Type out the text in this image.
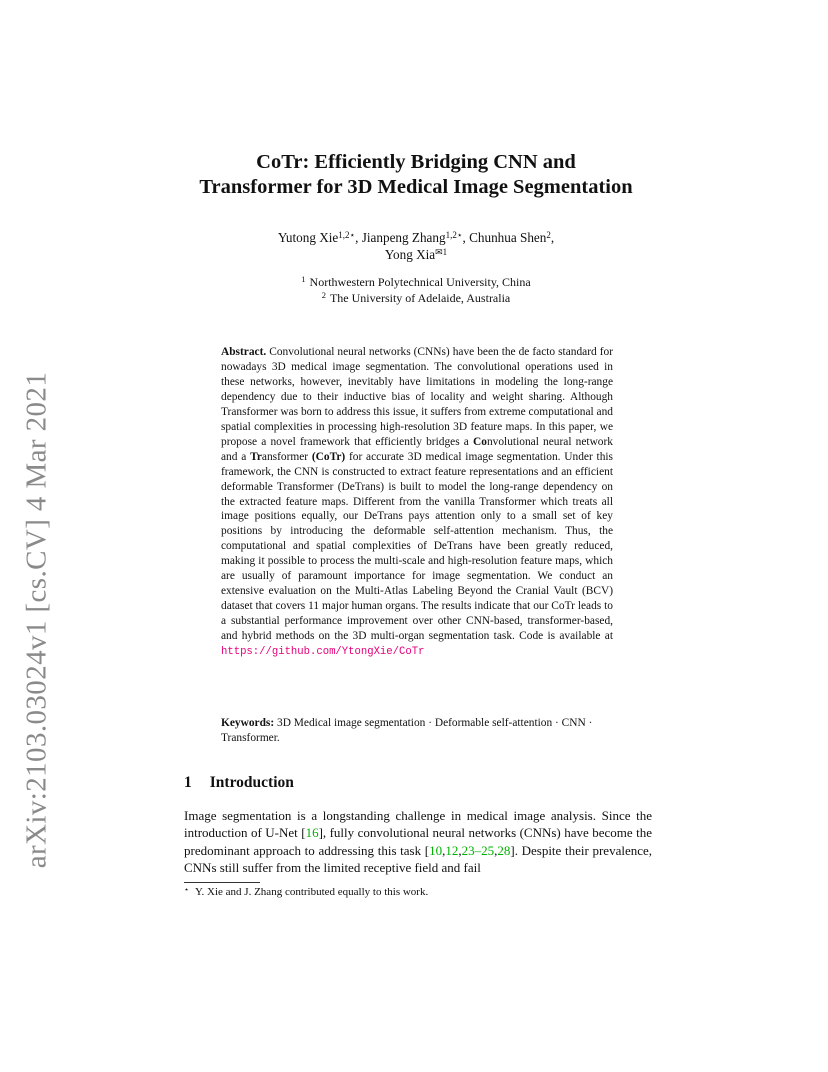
arXiv:2103.03024v1 [cs.CV] 4 Mar 2021
CoTr: Efficiently Bridging CNN and
Transformer for 3D Medical Image Segmentation
Yutong Xie$^{1,2⋆}$, Jianpeng Zhang$^{1,2⋆}$, Chunhua Shen$^2$,
Yong Xia$^{✉1}$
$^1$ Northwestern Polytechnical University, China
$^2$ The University of Adelaide, Australia
Abstract. Convolutional neural networks (CNNs) have been the de facto standard for nowadays 3D medical image segmentation. The convolutional operations used in these networks, however, inevitably have limitations in modeling the long-range dependency due to their inductive bias of locality and weight sharing. Although Transformer was born to address this issue, it suffers from extreme computational and spatial complexities in processing high-resolution 3D feature maps. In this paper, we propose a novel framework that efficiently bridges a Convolutional neural network and a Transformer (CoTr) for accurate 3D medical image segmentation. Under this framework, the CNN is constructed to extract feature representations and an efficient deformable Transformer (DeTrans) is built to model the long-range dependency on the extracted feature maps. Different from the vanilla Transformer which treats all image positions equally, our DeTrans pays attention only to a small set of key positions by introducing the deformable self-attention mechanism. Thus, the computational and spatial complexities of DeTrans have been greatly reduced, making it possible to process the multi-scale and high-resolution feature maps, which are usually of paramount importance for image segmentation. We conduct an extensive evaluation on the Multi-Atlas Labeling Beyond the Cranial Vault (BCV) dataset that covers 11 major human organs. The results indicate that our CoTr leads to a substantial performance improvement over other CNN-based, transformer-based, and hybrid methods on the 3D multi-organ segmentation task. Code is available at https://github.com/YtongXie/CoTr
Keywords: 3D Medical image segmentation · Deformable self-attention · CNN · Transformer.
1 Introduction
Image segmentation is a longstanding challenge in medical image analysis. Since the introduction of U-Net [16], fully convolutional neural networks (CNNs) have become the predominant approach to addressing this task [10,12,23–25,28]. Despite their prevalence, CNNs still suffer from the limited receptive field and fail
⋆ Y. Xie and J. Zhang contributed equally to this work.
